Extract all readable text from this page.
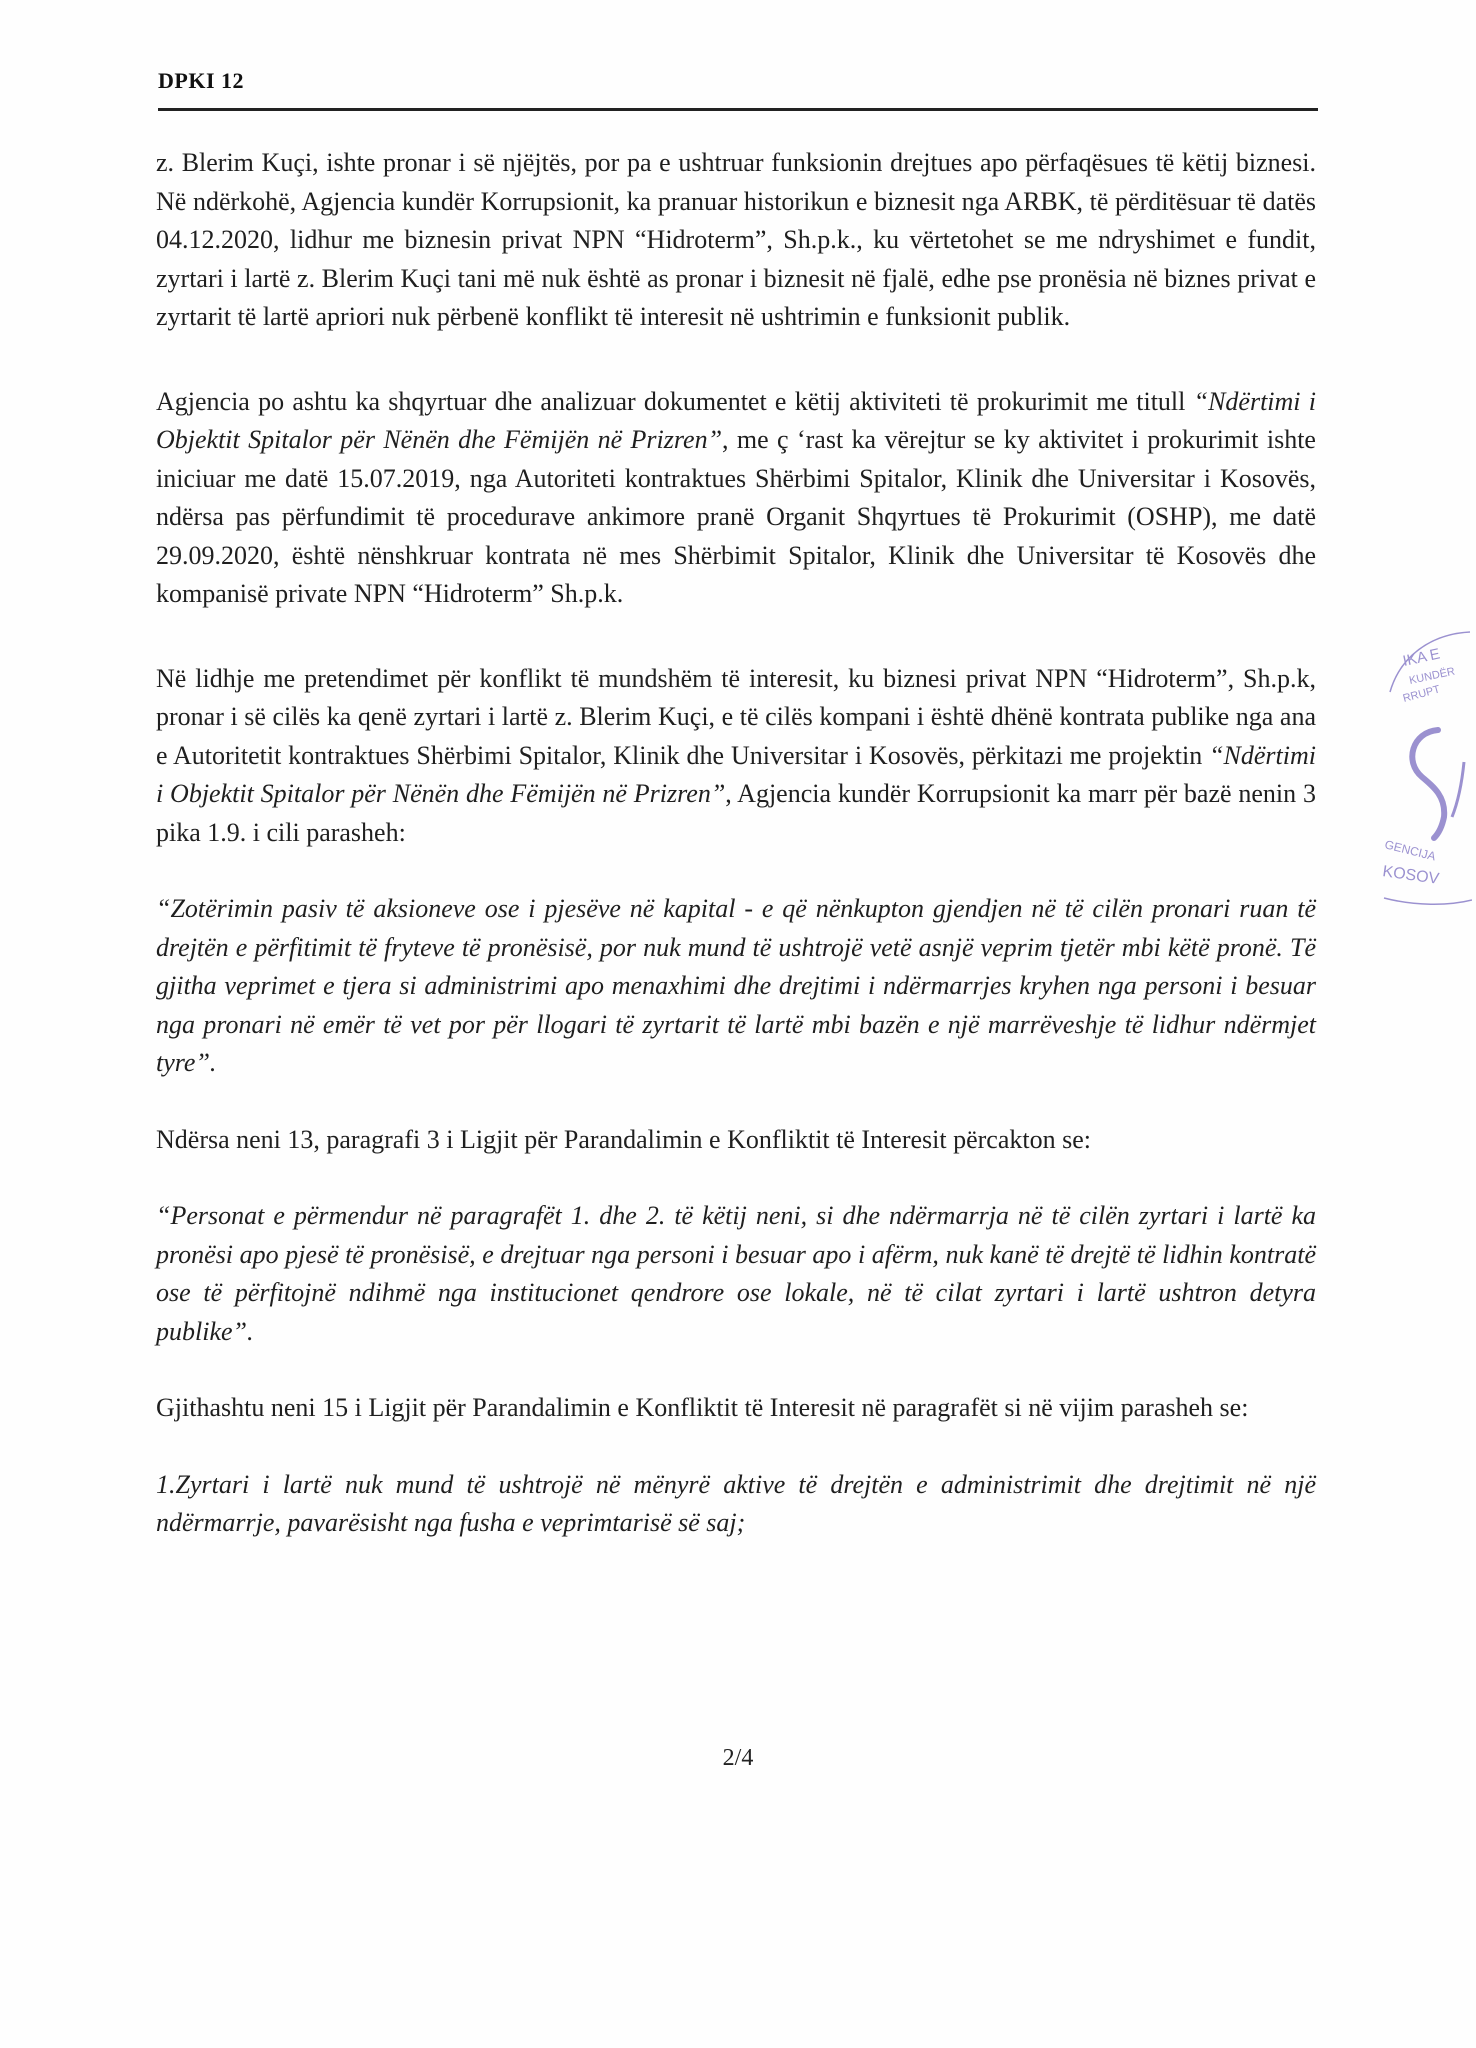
DPKI 12

z. Blerim Kuçi, ishte pronar i së njëjtës, por pa e ushtruar funksionin drejtues apo përfaqësues të këtij biznesi. Në ndërkohë, Agjencia kundër Korrupsionit, ka pranuar historikun e biznesit nga ARBK, të përditësuar të datës 04.12.2020, lidhur me biznesin privat NPN “Hidroterm”, Sh.p.k., ku vërtetohet se me ndryshimet e fundit, zyrtari i lartë z. Blerim Kuçi tani më nuk është as pronar i biznesit në fjalë, edhe pse pronësia në biznes privat e zyrtarit të lartë apriori nuk përbenë konflikt të interesit në ushtrimin e funksionit publik.

Agjencia po ashtu ka shqyrtuar dhe analizuar dokumentet e këtij aktiviteti të prokurimit me titull “Ndërtimi i Objektit Spitalor për Nënën dhe Fëmijën në Prizren”, me ç ‘rast ka vërejtur se ky aktivitet i prokurimit ishte iniciuar me datë 15.07.2019, nga Autoriteti kontraktues Shërbimi Spitalor, Klinik dhe Universitar i Kosovës, ndërsa pas përfundimit të procedurave ankimore pranë Organit Shqyrtues të Prokurimit (OSHP), me datë 29.09.2020, është nënshkruar kontrata në mes Shërbimit Spitalor, Klinik dhe Universitar të Kosovës dhe kompanisë private NPN “Hidroterm” Sh.p.k.

Në lidhje me pretendimet për konflikt të mundshëm të interesit, ku biznesi privat NPN “Hidroterm”, Sh.p.k, pronar i së cilës ka qenë zyrtari i lartë z. Blerim Kuçi, e të cilës kompani i është dhënë kontrata publike nga ana e Autoritetit kontraktues Shërbimi Spitalor, Klinik dhe Universitar i Kosovës, përkitazi me projektin “Ndërtimi i Objektit Spitalor për Nënën dhe Fëmijën në Prizren”, Agjencia kundër Korrupsionit ka marr për bazë nenin 3 pika 1.9. i cili parasheh:

“Zotërimin pasiv të aksioneve ose i pjesëve në kapital - e që nënkupton gjendjen në të cilën pronari ruan të drejtën e përfitimit të fryteve të pronësisë, por nuk mund të ushtrojë vetë asnjë veprim tjetër mbi këtë pronë. Të gjitha veprimet e tjera si administrimi apo menaxhimi dhe drejtimi i ndërmarrjes kryhen nga personi i besuar nga pronari në emër të vet por për llogari të zyrtarit të lartë mbi bazën e një marrëveshje të lidhur ndërmjet tyre”.

Ndërsa neni 13, paragrafi 3 i Ligjit për Parandalimin e Konfliktit të Interesit përcakton se:

“Personat e përmendur në paragrafët 1. dhe 2. të këtij neni, si dhe ndërmarrja në të cilën zyrtari i lartë ka pronësi apo pjesë të pronësisë, e drejtuar nga personi i besuar apo i afërm, nuk kanë të drejtë të lidhin kontratë ose të përfitojnë ndihmë nga institucionet qendrore ose lokale, në të cilat zyrtari i lartë ushtron detyra publike”.

Gjithashtu neni 15 i Ligjit për Parandalimin e Konfliktit të Interesit në paragrafët si në vijim parasheh se:

1.Zyrtari i lartë nuk mund të ushtrojë në mënyrë aktive të drejtën e administrimit dhe drejtimit në një ndërmarrje, pavarësisht nga fusha e veprimtarisë së saj;

2/4
IKA E
KUNDËR
RRUPT
GENCIJA
KOSOV
